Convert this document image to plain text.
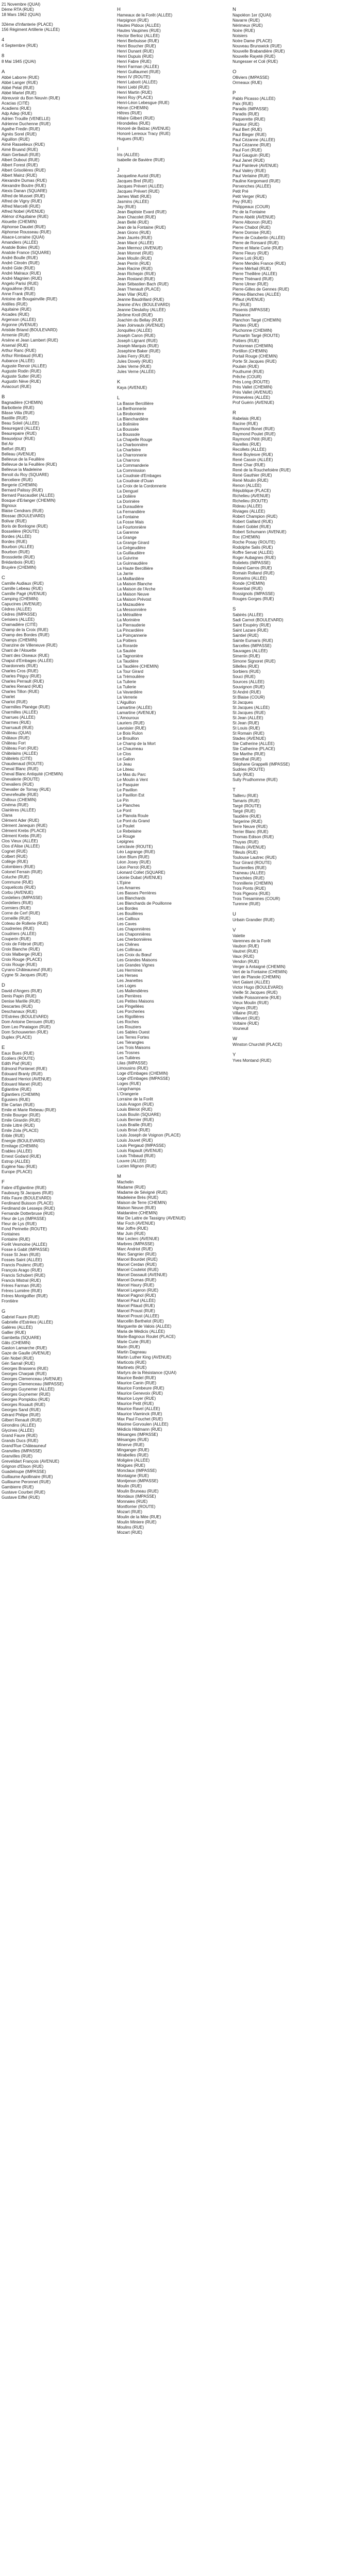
21 Novembre (QUAI)
Dème RTA (RUE)
18 Mars 1962 (QUAI)
32ème d'Infanterie (PLACE)
156 Régiment Artillerie (ALLÉE)
4
4 Septembre (RUE)
8
8 Mai 1945 (QUAI)
A
Abbé Laborre (RUE)
Abbé Langer (RUE)
Abbé Pelat (RUE)
Abbé Martel (RUE)
Abreuvoir du Bon Neuvin (RUE)
Acacias (CITÉ)
Acadiens (RUE)
Adp Adep (RUE)
Adrien Trouille (VENELLE)
Adrienne Duchenne (RUE)
Agathe Fredin (RUE)
Agnès Sorel (RUE)
Aiguillon (RUE)
Aimé Rasselieux (RUE)
Aimé Bruand (RUE)
Alain Gerbault (RUE)
Albert Dubout (RUE)
Albert Forest (RUE)
Albert Grisolières (RUE)
Albert Mainz (RUE)
Alexandre Dumas (RUE)
Alexandre Boutre (RUE)
Alexis Danan (SQUARE)
Alfred de Musset (RUE)
Alfred de Vigny (RUE)
Alfred Marcelli (RUE)
Alfred Nobel (AVENUE)
Aliénor d'Aquitaine (RUE)
Alouette (CHEMIN)
Alphonse Daudet (RUE)
Alphonse Rousseau (RUE)
Alsace-Lorraine (QUAI)
Amandiers (ALLÉE)
Anatole Bolex (RUE)
Anatole France (SQUARE)
André Boulle (RUE)
André Citroën (RUE)
André Gide (RUE)
André Malraux (RUE)
André Magnien (RUE)
Angelo Parisi (RUE)
Angoulême (RUE)
Anne Frank (RUE)
Antoine de Bougainville (RUE)
Antilles (RUE)
Aquitaine (RUE)
Arcades (RUE)
Argenson (ALLÉE)
Argonne (AVENUE)
Aristide Briand (BOULEVARD)
Armenie (RUE)
Arsène et Jean Lambert (RUE)
Arsenal (RUE)
Arthur Ranc (RUE)
Arthur Rimbaud (RUE)
Aubance (ALLÉE)
Auguste Renoir (ALLÉE)
Auguste Rodin (RUE)
Auguste Sutter (RUE)
Augustin Nève (RUE)
Aviacourt (RUE)
B
Bagnadière (CHEMIN)
Barbotterie (RUE)
Bâsse Villa (RUE)
Bastille (RUE)
Beau Soleil (ALLÉE)
Beauregard (ALLÉE)
Beaurepaire (RUE)
Beauséjour (RUE)
Bel Air
Belfort (RUE)
Belleau (AVENUE)
Bellevue de la Feuillère
Bellevue de la Feuillère (RUE)
Bellevue la Madeleine
Benoit du Roy (SQUARE)
Berceliere (RUE)
Bergerie (CHEMIN)
Bernard Palissy (RUE)
Bernard Pascaudiet (ALLÉE)
Bosque d'Erlanger (CHEMIN)
Bignoux
Blaise Cendrars (RUE)
Blossac (BOULEVARD)
Bolivar (RUE)
Boris de Bonlogne (RUE)
Bosselière (ROUTE)
Bordes (ALLÉE)
Bordes (RUE)
Bourbon (ALLÉE)
Bourbon (RUE)
Brossolette (RUE)
Brédanbois (RUE)
Bruyère (CHEMIN)
C
Camille Audiaux (RUE)
Camille Lebeau (RUE)
Camille Pagé (AVENUE)
Camping (CHEMIN)
Capucines (AVENUE)
Cèdres (ALLÉE)
Cèdres (IMPASSE)
Cerisiers (ALLÉE)
Chamadière (CITÉ)
Champ de la Croix (RUE)
Champ des Bordes (RUE)
Champs (CHEMIN)
Chanzine de Villeneuve (RUE)
Chant de l'Alouette
Chant des Oiseaux (RUE)
Chaput d'Embages (ALLÉE)
Chardonnets (RUE)
Charles Cros (RUE)
Charles Péguy (RUE)
Charles Perrault (RUE)
Charles Renard (RUE)
Charles Tillon (RUE)
Charlet
Charlot (RUE)
Charmilles Planège (RUE)
Charmilles (ALLÉE)
Charrues (ALLÉE)
Charmes (RUE)
Charruault (RUE)
Château (QUAI)
Châtaux (RUE)
Château Fort
Château Fort (RUE)
Châtelains (ALLÉE)
Châtelets (CITÉ)
Chaudenaud (ROUTE)
Cheval Blanc (RUE)
Cheval Blanc Antiquité (CHEMIN)
Chevalerie (ROUTE)
Chevaliers (RUE)
Chevalier de Tornay (RUE)
Chevrefeuille (RUE)
Chilloux (CHEMIN)
Cinéma (RUE)
Clairières (ALLÉE)
Clana
Clément Ader (RUE)
Clément Janequin (RUE)
Clément Krebs (PLACE)
Clément Krebs (RUE)
Clos Vieux (ALLÉE)
Clos d'Alise (ALLÉE)
Cognet (RUE)
Colbert (RUE)
Collège (RUE)
Colombiers (RUE)
Colonel Ferrain (RUE)
Coluche (RUE)
Commune (RUE)
Coquelicots (RUE)
Corbu (AVENUE)
Cordeliers (IMPASSE)
Cordeliers (RUE)
Cormiers (RUE)
Corne de Cerf (RUE)
Corneille (RUE)
Coteau de Rollerie (RUE)
Coudreries (RUE)
Coudriers (ALLÉE)
Couperin (RUE)
Croix de Fébroé (RUE)
Croix Blanche (RUE)
Croix Malberge (RUE)
Croix Rouge (PLACE)
Croix Rouge (RUE)
Cyrano Châteauneuf (RUE)
Cygne St Jacques (RUE)
D
David d'Angers (RUE)
Denis Papin (RUE)
Denise Marille (RUE)
Descartes (RUE)
Deschanaux (RUE)
D'Estrées (BOULEVARD)
Dom Antoine Derouen (RUE)
Dom Leo Pinatagon (RUE)
Dom Schouwerten (RUE)
Duplex (PLACE)
E
Eaux Bues (RUE)
Écoliers (ROUTE)
Edith Piaf (RUE)
Edmond Pontenet (RUE)
Édouard Branly (RUE)
Édouard Herriot (AVENUE)
Édouard Manet (RUE)
Églantine (RUE)
Églantiers (CHEMIN)
Égusiers (RUE)
Elie Cartan (RUE)
Emile et Marie Rebeau (RUE)
Emile Bourger (RUE)
Emile Girardin (RUE)
Emile Littré (RUE)
Émile Zola (PLACE)
Érible (RUE)
Énergie (BOULEVARD)
Ermitage (CHEMIN)
Érables (ALLÉE)
Ernest Godard (RUE)
Estrop (ALLÉE)
Eugène Nau (RUE)
Europe (PLACE)
F
Fabre d'Églantine (RUE)
Faubourg St Jacques (RUE)
Félix Faure (BOULEVARD)
Ferdinand Buisson (PLACE)
Ferdinand de Lesseps (RUE)
Fernande Dotterbruse (RUE)
Fleur de Lys (IMPASSE)
Fleur de Lys (RUE)
Fond Perinette (ROUTE)
Fontaines
Fontaine (RUE)
Forêt Vesmoine (ALLÉE)
Fosse à Gabit (IMPASSE)
Fosse St Jean (RUE)
Fosses Saint (ALLÉE)
Francis Poulenc (RUE)
François Arago (RUE)
Francis Schubert (RUE)
Francis Mistral (RUE)
Frères Farman (RUE)
Frères Lumière (RUE)
Frères Montgolfier (RUE)
Frontière
G
Gabriel Faure (RUE)
Gabrielle d'Estrées (ALLÉE)
Galères (ALLÉE)
Gallier (RUE)
Gambetta (SQUARE)
Gâts (CHEMIN)
Gaston Lamarche (RUE)
Gaze de Gaulle (AVENUE)
Gén Nobel (RUE)
Gén Sarrail (RUE)
Georges Brassens (RUE)
Georges Charpak (RUE)
Georges Clemenceau (AVENUE)
Georges Clemenceau (IMPASSE)
Georges Guynemer (ALLÉE)
Georges Guynemer (RUE)
Georges Pompidou (RUE)
Georges Rouault (RUE)
Georges Sand (RUE)
Gérard Philipe (RUE)
Gilbert Renault (RUE)
Girondins (ALLÉE)
Glycines (ALLÉE)
Grand Faure (RUE)
Grands Ducs (RUE)
Grand'Rue Châteauneuf
Granvilles (IMPASSE)
Granvilles (RUE)
Grevelidart François (AVENUE)
Grignon d'Elson (RUE)
Guadeloupe (IMPASSE)
Guillaume Apollinaire (RUE)
Guillaume Peronnet (RUE)
Gambierre (RUE)
Gustave Courbet (RUE)
Gustave Eiffel (RUE)
H
Hameaux de la Forêt (ALLÉE)
Harpignon (RUE)
Hautes Pidoux (ALLÉE)
Hautes Vaupines (RUE)
Hector Berlioz (ALLÉE)
Henri Berbuisse (RUE)
Henri Boucher (RUE)
Henri Dunant (RUE)
Henri Dupuis (RUE)
Henri Fabre (RUE)
Henri Farman (ALLÉE)
Henri Guillaumet (RUE)
Henri IV (ROUTE)
Henri Laborit (ALLÉE)
Henri Liebl (RUE)
Henri Martin (RUE)
Henri Roy (PLACE)
Henri-Léon Lebesgue (RUE)
Héron (CHEMIN)
Hêtres (RUE)
Hilaire Gilbert (RUE)
Hirondelles (RUE)
Honoré de Balzac (AVENUE)
Honoré Lereoux Tracy (RUE)
Hugues (RUE)
I
Iris (ALLÉE)
Isabelle de Bavière (RUE)
J
Jacqueline Auriol (RUE)
Jacques Brel (RUE)
Jacques Prévert (ALLÉE)
Jacques Prévert (RUE)
James Watt (RUE)
Jasmins (ALLÉE)
Jay (RUE)
Jean Baptiste Evard (RUE)
Jean Chacolet (RUE)
Jean Bellé (RUE)
Jean de la Fontaine (RUE)
Jean Giono (RUE)
Jean Jaurès (RUE)
Jean Macé (ALLÉE)
Jean Mermoz (AVENUE)
Jean Monnet (RUE)
Jean Moulin (RUE)
Jean Perrin (RUE)
Jean Racine (RUE)
Jean Richepin (RUE)
Jean Rostand (RUE)
Jean Sébastien Bach (RUE)
Jean Thenault (PLACE)
Jean Vilar (RUE)
Jeanne Baudrillard (RUE)
Jeanne d'Arc (BOULEVARD)
Jeanne Dieulafoy (ALLÉE)
Jérôme Kroll (RUE)
Joachim du Bellay (RUE)
Jean Joinvaulx (AVENUE)
Jonquilles (ALLÉE)
Joseph Caron (RUE)
Joseph Lignant (RUE)
Joseph Marquis (RUE)
Josephine Baker (RUE)
Jules Ferry (RUE)
Jules Dovely (RUE)
Jules Verne (RUE)
Jules Verne (ALLÉE)
K
Kaya (AVENUE)
L
La Basse Bercillière
La Berthonnerie
La Birobonière
La Blanchardière
La Bolinière
La Boussée
La Boussole
La Chapelle Rouge
La Charbonnière
La Charbière
La Charronnerie
La Charrons
La Commanderie
La Commission
La Coudraie d'Embages
La Coudraie d'Ouan
La Croix de la Cordonnerie
La Denguel
La Dolière
La Dorinière
La Duraudière
La Fernandière
La Fontaine
La Fosse Mais
La Fourtonnière
La Garenne
La Grange
La Grange Girard
La Grégeudière
La Guillaudière
La Guivrine
La Guinnaudière
La Haute Bercillière
La Jarrie
La Maillardière
La Maison Blanche
La Maison de l'Arche
La Maison Neuve
La Maison Prévost
La Mazaudière
La Messonnière
La Métraillère
La Morinière
La Pierrauderie
La Pincardière
La Poinçannerie
La Poitiers
La Rorarde
La Sautée
La Tagnonière
La Taudière
La Taudière (CHEMIN)
La Tour Girard
La Trémoulière
La Tuilerie
La Tuilerie
La Vavardière
La Verrerie
L'Aiguillon
Lamartine (ALLÉE)
Lamartine (AVENUE)
L'Amouroux
Lauriers (RUE)
Lavoisier (RUE)
Le Bois Rulon
Le Brouillon
Le Champ de la Mort
Le Chaumeau
Le Clos
Le Galion
Le Jeau
Le Liteau
Le Mas du Parc
Le Moulin à Vent
Le Pasquier
Le Pavillon
Le Pavillon Est
Le Pin
Le Planches
Le Pont
Le Planola Roule
Le Pont du Grand
Le Poulet
Le Rebelaine
Le Rouge
Lepignes
Lenclavie (ROUTE)
Léo Lagrange (RUE)
Léon Blum (RUE)
Léon Josey (RUE)
Léon Perrot (RUE)
Léonard Collet (SQUARE)
Léonie Dubat (AVENUE)
L'Epine
Les Amarres
Les Basses Perrières
Les Blanchards
Les Blanchards de Pouillonne
Les Bordes
Les Bouillères
Les Cailloux
Les Caves
Les Chaponnières
Les Chaponnières
Les Cherbonnières
Les Chênes
Les Collinaux
Les Croix du Bœuf
Les Grandes Maisons
Les Grandes Vignes
Les Hermines
Les Herses
Les Jeanettes
Les Loges
Les Mallendières
Les Perrières
Les Petites Maisons
Les Pingellées
Les Porcheries
Les Rigollières
Les Roches
Les Rouziers
Les Sables Ouest
Les Terres Fortes
Les Tiérangles
Les Trois Maisons
Les Trosnes
Les Tuilières
Lilas (IMPASSE)
Limousins (RUE)
Loge d'Embages (CHEMIN)
Loge d'Embages (IMPASSE)
Loges (RUE)
Longchamps
L'Orangerie
Lorraine de la Forêt
Louis Aragon (RUE)
Louis Blériot (RUE)
Louis Boulin (SQUARE)
Louis Bernier (RUE)
Louis Braille (RUE)
Louis Brisé (RUE)
Louis Joseph de Voignon (PLACE)
Louis Jouvet (RUE)
Louis Pergaud (IMPASSE)
Louis Rapault (AVENUE)
Louis Thibaud (RUE)
Louvre (ALLÉE)
Lucien Mignon (RUE)
M
Machelin
Madame (RUE)
Madame de Sévigné (RUE)
Madeleine Brès (RUE)
Maison de Terre (CHEMIN)
Maison Neuve (RUE)
Maldanière (CHEMIN)
Mar De Lattre de Tassigny (AVENUE)
Mar Foch (AVENUE)
Mar Joffre (RUE)
Mar Juin (RUE)
Mar Leclerc (AVENUE)
Marbres (IMPASSE)
Marc Andriot (RUE)
Marc Sangnier (RUE)
Marcel Bourdet (RUE)
Marcel Cerdan (RUE)
Marcel Coutelot (RUE)
Marcel Dassault (AVENUE)
Marcel Dumas (RUE)
Marcel Haury (RUE)
Marcel Legeron (RUE)
Marcel Pagnol (RUE)
Marcel Paul (ALLÉE)
Marcel Pitaud (RUE)
Marcel Proust (RUE)
Marcel Proust (ALLÉE)
Marcellin Berthelot (RUE)
Marguerite de Valois (ALLÉE)
Maria de Médicis (ALLÉE)
Marie-Bagnoux Roulet (PLACE)
Marie Curie (RUE)
Marin (RUE)
Martin Dagneau
Martin Luther King (AVENUE)
Marticots (RUE)
Martinets (RUE)
Martyrs de la Résistance (QUAI)
Maurice Bedel (RUE)
Maurice Canin (RUE)
Maurice Fombeure (RUE)
Maurice Genevoix (RUE)
Maurice Loyer (RUE)
Maurice Petit (RUE)
Maurice Ravel (ALLÉE)
Maurice Vlaminck (RUE)
Max Paul Fouchet (RUE)
Maxime Gorvoulen (ALLÉE)
Médicis Hildmann (RUE)
Mésanges (IMPASSE)
Mésanges (RUE)
Minerve (RUE)
Minganger (RUE)
Mirabelles (RUE)
Moligère (ALLÉE)
Moigues (RUE)
Monclaux (IMPASSE)
Montaigne (RUE)
Montjenon (IMPASSE)
Moulin (RUE)
Moulin Bruneau (RUE)
Mondaux (IMPASSE)
Monnaies (RUE)
Montforrier (ROUTE)
Mozart (RUE)
Moulin de la Mée (RUE)
Moulin Miniere (RUE)
Moulins (RUE)
Mozart (RUE)
N
Napoléon 1er (QUAI)
Navarre (RUE)
Nérimeux (RUE)
Noire (RUE)
Noisiers
Notre Dame (PLACE)
Nouveau Brunswick (RUE)
Nouvelle Brabandière (RUE)
Nouvelle Rayeté (RUE)
Nungesser et Coli (RUE)
O
Olliviers (IMPASSE)
Ormeaux (RUE)
P
Pablo Picasso (ALLÉE)
Paix (RUE)
Paradis (IMPASSE)
Paradis (RUE)
Paquerette (RUE)
Pasteur (RUE)
Paul Bert (RUE)
Paul Bieger (RUE)
Paul Cézanne (ALLÉE)
Paul Cézanne (RUE)
Paul Fort (RUE)
Paul Gauguin (RUE)
Paul Janet (RUE)
Paul Painlevé (AVENUE)
Paul Valéry (RUE)
Paul Verlaine (RUE)
Pauline Kergomard (RUE)
Pervenches (ALLÉE)
Petit Pré
Petit Verger (RUE)
Pey (RUE)
Philippeaux (COUR)
Pic de la Fontaine
Pierre Abélit (AVENUE)
Pierre Albonon (RUE)
Pierre Chabot (RUE)
Pierre Domise (RUE)
Pierre de Coubertin (ALLÉE)
Pierre de Ronsard (RUE)
Pierre et Marie Curie (RUE)
Pierre Fleury (RUE)
Pierre Loti (RUE)
Pierre Mendès France (RUE)
Pierre Mérhail (RUE)
Pierre Theillère (ALLÉE)
Pierre Thiénard (RUE)
Pierre Ulmer (RUE)
Pierre-Gilles de Gennes (RUE)
Pierres-Blanches (ALLÉE)
Piffaut (AVENUE)
Pin (RUE)
Pissenis (IMPASSE)
Plaisance
Planchon Targé (CHEMIN)
Plantes (RUE)
Pluchonne (CHEMIN)
Plumartin Targé (ROUTE)
Poitiers (RUE)
Pontorrean (CHEMIN)
Portillon (CHEMIN)
Portail Rouge (CHEMIN)
Porte St Jacques (RUE)
Poulain (RUE)
Pouthumé (RUE)
Prêche (COUR)
Près Long (ROUTE)
Près Vallet (CHEMIN)
Prés Vallet (AVENUE)
Primevères (ALLÉE)
Prof Guérin (AVENUE)
R
Rabelais (RUE)
Racine (RUE)
Raymond Bonet (RUE)
Raymond Poulet (RUE)
Raymond Pétit (RUE)
Ravelles (RUE)
Recollets (ALLÉE)
René Boylesve (RUE)
René Cassin (ALLÉE)
René Char (RUE)
René de la Rouchefoière (RUE)
René Gauthier (RUE)
René Moulin (RUE)
Renon (ALLÉE)
République (PLACE)
Richelieu (AVENUE)
Richelieu (ROUTE)
Rideau (ALLÉE)
Riviages (ALLÉE)
Robert Champion (RUE)
Robert Gaillard (RUE)
Robert Goblet (RUE)
Robert Schumann (AVENUE)
Roc (CHEMIN)
Roche Posay (ROUTE)
Rodolphe Salis (RUE)
Roffre Servat (ALLÉE)
Roger Aubagnes (RUE)
Roitelets (IMPASSE)
Roland Garros (RUE)
Romain Rolland (RUE)
Romarins (ALLÉE)
Ronde (CHEMIN)
Rosenbal (RUE)
Rossignols (IMPASSE)
Rouges Gorges (RUE)
S
Sabirès (ALLÉE)
Sadi Carnot (BOULEVARD)
Saint Exupéry (RUE)
Saint Lazare (RUE)
Saintiel (RUE)
Sainte Eumaris (RUE)
Sarcelles (IMPASSE)
Sauvages (ALLÉE)
Simenin (RUE)
Simone Signoret (RUE)
Sillelles (RUE)
Sorbiers (RUE)
Souci (RUE)
Sources (ALLÉE)
Souvignon (RUE)
St André (RUE)
St Blaise (COUR)
St Jacques
St Jacques (ALLÉE)
St Jacques (RUE)
St Jean (ALLÉE)
St Jean (RUE)
St Louis (RUE)
St Romain (RUE)
Stades (AVENUE)
Ste Catherine (ALLÉE)
Ste Catherine (PLACE)
Ste Marthe (RUE)
Stendhal (RUE)
Stéphane Grappelli (IMPASSE)
Sudries (ROUTE)
Sully (RUE)
Sully Prudhomme (RUE)
T
Tailleru (RUE)
Tamaris (RUE)
Targé (ROUTE)
Targé (RUE)
Taudière (RUE)
Targerine (RUE)
Terre Neuve (RUE)
Terrier Blanc (RUE)
Thomas Edison (RUE)
Thuyas (RUE)
Tilleuls (AVENUE)
Tilleuls (RUE)
Toulouse Lautrec (RUE)
Tour Girard (ROUTE)
Tourterelles (RUE)
Traineau (ALLÉE)
Tranchées (RUE)
Tronnillerie (CHEMIN)
Trois Ponts (RUE)
Trois Pigeons (RUE)
Trois Tresamines (COUR)
Turenne (RUE)
U
Urbain Grandier (RUE)
V
Valette
Varennes de la Forêt
Vaubon (RUE)
Vautret (RUE)
Vaux (RUE)
Vendon (RUE)
Verger à Antaigné (CHEMIN)
Vert de la Fontaine (CHEMIN)
Vert de Planole (CHEMIN)
Vert Galant (ALLÉE)
Victor Hugo (BOULEVARD)
Vieille St Jacques (RUE)
Vieille Poissonnerie (RUE)
Vieux Moulin (RUE)
Vignes (RUE)
Villaine (RUE)
Villevert (RUE)
Voltaire (RUE)
Vouneuil
W
Winston Churchill (PLACE)
Y
Yves Montand (RUE)
